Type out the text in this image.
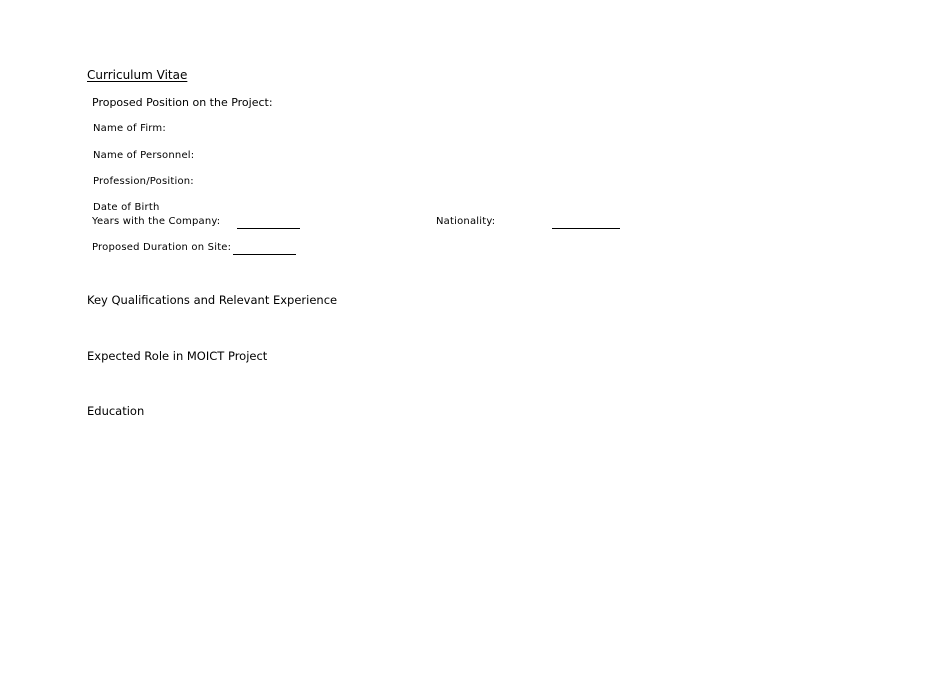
Curriculum Vitae
Proposed Position on the Project:
Name of Firm:
Name of Personnel:
Profession/Position:
Date of Birth
Years with the Company:	Nationality:
Proposed Duration on Site:
Key Qualifications and Relevant Experience
Expected Role in MOICT Project
Education
